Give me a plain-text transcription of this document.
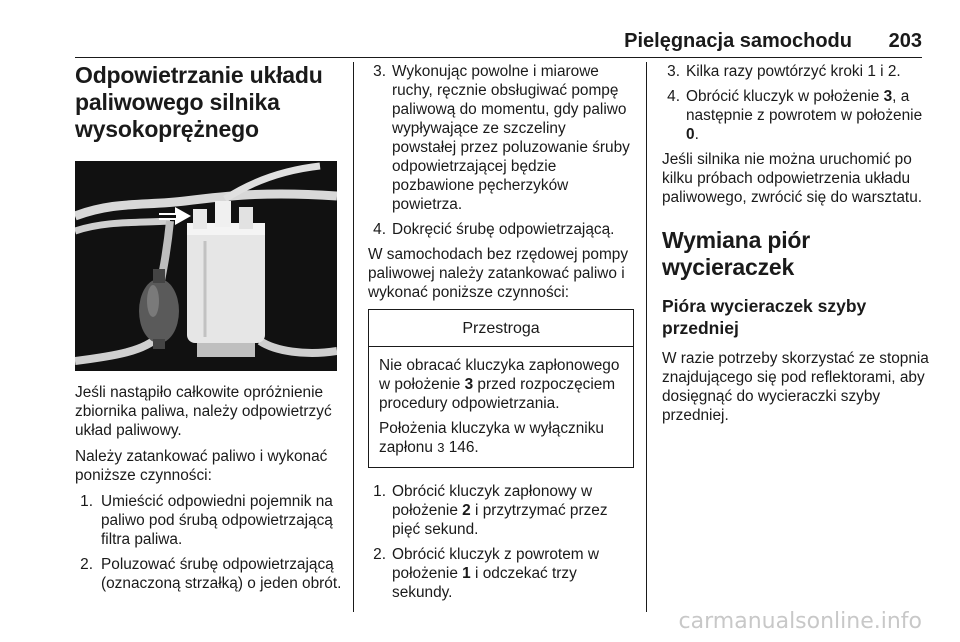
Pielęgnacja samochodu 203
Odpowietrzanie układu paliwowego silnika wysokoprężnego

Jeśli nastąpiło całkowite opróżnienie zbiornika paliwa, należy odpowietrzyć układ paliwowy.

Należy zatankować paliwo i wykonać poniższe czynności:

1. Umieścić odpowiedni pojemnik na paliwo pod śrubą odpowietrzającą filtra paliwa.
2. Poluzować śrubę odpowietrzającą (oznaczoną strzałką) o jeden obrót.
3. Wykonując powolne i miarowe ruchy, ręcznie obsługiwać pompę paliwową do momentu, gdy paliwo wypływające ze szczeliny powstałej przez poluzowanie śruby odpowietrzającej będzie pozbawione pęcherzyków powietrza.
4. Dokręcić śrubę odpowietrzającą.

W samochodach bez rzędowej pompy paliwowej należy zatankować paliwo i wykonać poniższe czynności:

Przestroga

Nie obracać kluczyka zapłonowego w położenie 3 przed rozpoczęciem procedury odpowietrzania.

Położenia kluczyka w wyłączniku zapłonu 3 146.

1. Obrócić kluczyk zapłonowy w położenie 2 i przytrzymać przez pięć sekund.
2. Obrócić kluczyk z powrotem w położenie 1 i odczekać trzy sekundy.
3. Kilka razy powtórzyć kroki 1 i 2.
4. Obrócić kluczyk w położenie 3, a następnie z powrotem w położenie 0.

Jeśli silnika nie można uruchomić po kilku próbach odpowietrzenia układu paliwowego, zwrócić się do warsztatu.

Wymiana piór wycieraczek
Pióra wycieraczek szyby przedniej

W razie potrzeby skorzystać ze stopnia znajdującego się pod reflektorami, aby dosięgnąć do wycieraczki szyby przedniej.

carmanualsonline.info
